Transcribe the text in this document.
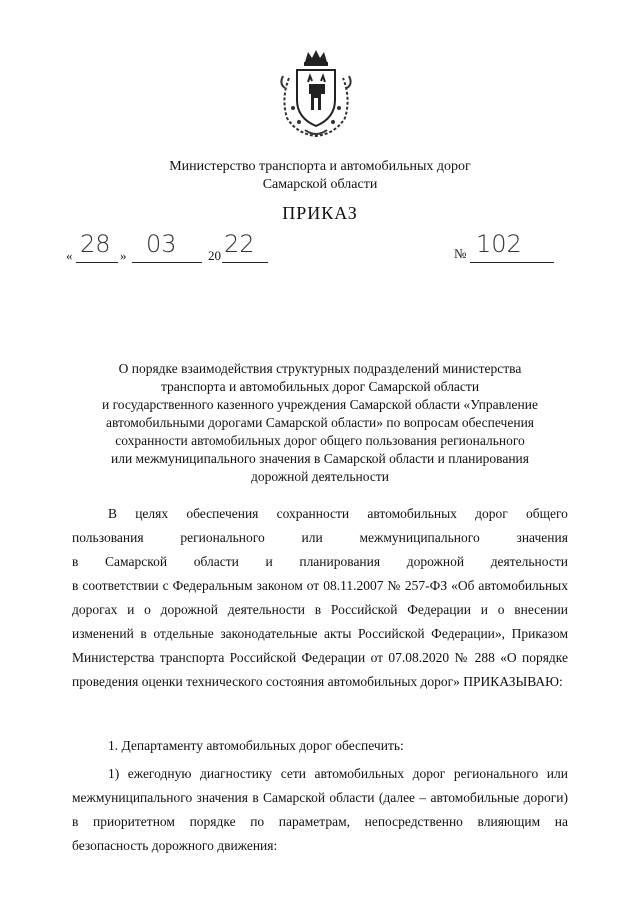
Министерство транспорта и автомобильных дорог
Самарской области
ПРИКАЗ
« 28 » 03 20 22	№ 102
О порядке взаимодействия структурных подразделений министерства
транспорта и автомобильных дорог Самарской области
и государственного казенного учреждения Самарской области «Управление
автомобильными дорогами Самарской области» по вопросам обеспечения
сохранности автомобильных дорог общего пользования регионального
или межмуниципального значения в Самарской области и планирования
дорожной деятельности
В целях обеспечения сохранности автомобильных дорог общего
пользования	регионального	или	межмуниципального	значения
в Самарской области и планирования дорожной деятельности
в соответствии с Федеральным законом от 08.11.2007 № 257-ФЗ «Об автомобильных дорогах и о дорожной деятельности в Российской Федерации и о внесении изменений в отдельные законодательные акты Российской Федерации», Приказом Министерства транспорта Российской Федерации от 07.08.2020 № 288 «О порядке проведения оценки технического состояния автомобильных дорог» ПРИКАЗЫВАЮ:
1. Департаменту автомобильных дорог обеспечить:
1) ежегодную диагностику сети автомобильных дорог регионального или межмуниципального значения в Самарской области (далее – автомобильные дороги) в приоритетном порядке по параметрам, непосредственно влияющим на безопасность дорожного движения:
